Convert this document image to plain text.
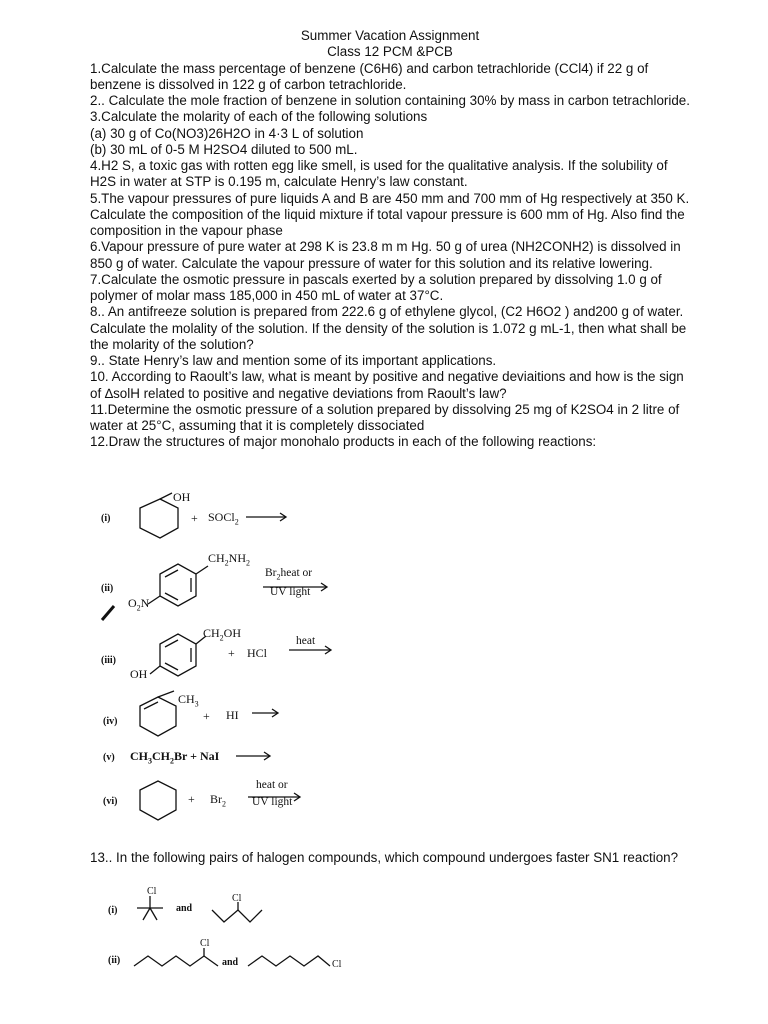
Summer Vacation Assignment
Class 12 PCM &PCB

1.Calculate the mass percentage of benzene (C6H6) and carbon tetrachloride (CCl4) if 22 g of benzene is dissolved in 122 g of carbon tetrachloride.

2.. Calculate the mole fraction of benzene in solution containing 30% by mass in carbon tetrachloride.

3.Calculate the molarity of each of the following solutions

(a) 30 g of Co(NO3)26H2O in 4·3 L of solution

(b) 30 mL of 0-5 M H2SO4 diluted to 500 mL.

4.H2 S, a toxic gas with rotten egg like smell, is used for the qualitative analysis. If the solubility of H2S in water at STP is 0.195 m, calculate Henry’s law constant.

5.The vapour pressures of pure liquids A and B are 450 mm and 700 mm of Hg respectively at 350 K. Calculate the composition of the liquid mixture if total vapour pressure is 600 mm of Hg. Also find the composition in the vapour phase

6.Vapour pressure of pure water at 298 K is 23.8 m m Hg. 50 g of urea (NH2CONH2) is dissolved in 850 g of water. Calculate the vapour pressure of water for this solution and its relative lowering.

7.Calculate the osmotic pressure in pascals exerted by a solution prepared by dissolving 1.0 g of polymer of molar mass 185,000 in 450 mL of water at 37°C.

8.. An antifreeze solution is prepared from 222.6 g of ethylene glycol, (C2 H6O2 ) and200 g of water. Calculate the molality of the solution. If the density of the solution is 1.072 g mL-1, then what shall be the molarity of the solution?

9.. State Henry’s law and mention some of its important applications.

10. According to Raoult’s law, what is meant by positive and negative deviaitions and how is the sign of ∆solH related to positive and negative deviations from Raoult’s law?

11.Determine the osmotic pressure of a solution prepared by dissolving 25 mg of K2SO4 in 2 litre of water at 25°C, assuming that it is completely dissociated

12.Draw the structures of major monohalo products in each of the following reactions:

(i)
OH
+ SOCl$_2$
(ii)
$CH_2NH_2$
$O_2N$
$Br_2heat$ or
UV light
(iii)
$CH_2OH$
OH
+ HCl
heat
(iv)
$CH_3$
+ HI
(v) $CH_3CH_2Br$ + NaI
(vi)	+ $Br_2$
heat or
UV light
13.. In the following pairs of halogen compounds, which compound undergoes faster SN1 reaction?
(i)
Cl
and
Cl
(ii)
Cl
and	Cl
